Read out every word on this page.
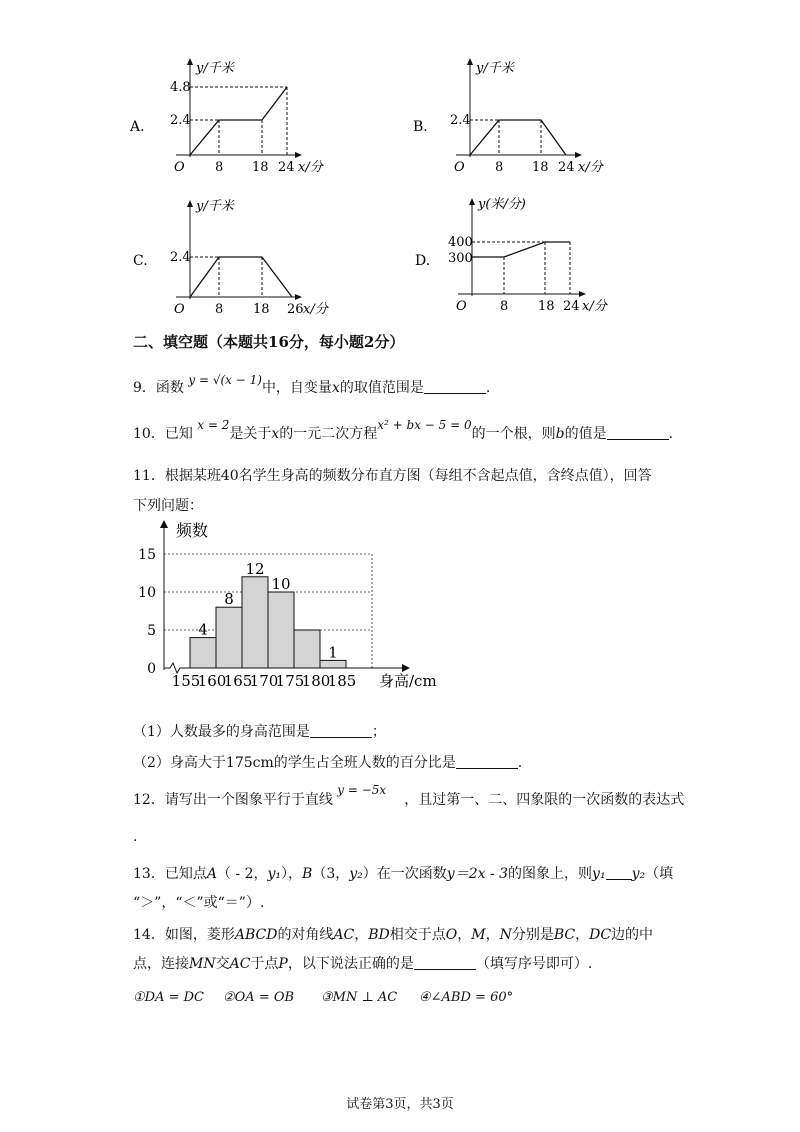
A.
y/千米
O
4.8
2.4
8 18 24 x/分
B.
y/千米
O
2.4
8 18 24 x/分
C.
y/千米
O
2.4
8 18 26 x/分
D.
y(米/分)
O
400
300
8 18 24 x/分
二、填空题（本题共16分，每小题2分）
9．函数 y = √(x − 1)中，自变量x的取值范围是	.
10．已知 x = 2是关于x的一元二次方程x² + bx − 5 = 0的一个根，则b的值是	.
11．根据某班40名学生身高的频数分布直方图（每组不含起点值，含终点值），回答
下列问题：
0
5
10
15
4
8
12
10
1
频数
155
160
165
170
175
180
185 身高/cm
（1）人数最多的身高范围是	；
（2）身高大于175cm的学生占全班人数的百分比是	.
12．请写出一个图象平行于直线 y = −5x，且过第一、二、四象限的一次函数的表达式
.
13．已知点A（ - 2，y₁），B（3，y₂）在一次函数y＝2x - 3的图象上，则y₁ y₂（填
“＞”，“＜”或“＝”）.
14．如图，菱形ABCD的对角线AC，BD相交于点O，M，N分别是BC，DC边的中
点，连接MN交AC于点P，以下说法正确的是	（填写序号即可）.
①DA = DC ②OA = OB ③MN ⊥ AC ④∠ABD = 60°
试卷第3页，共3页
